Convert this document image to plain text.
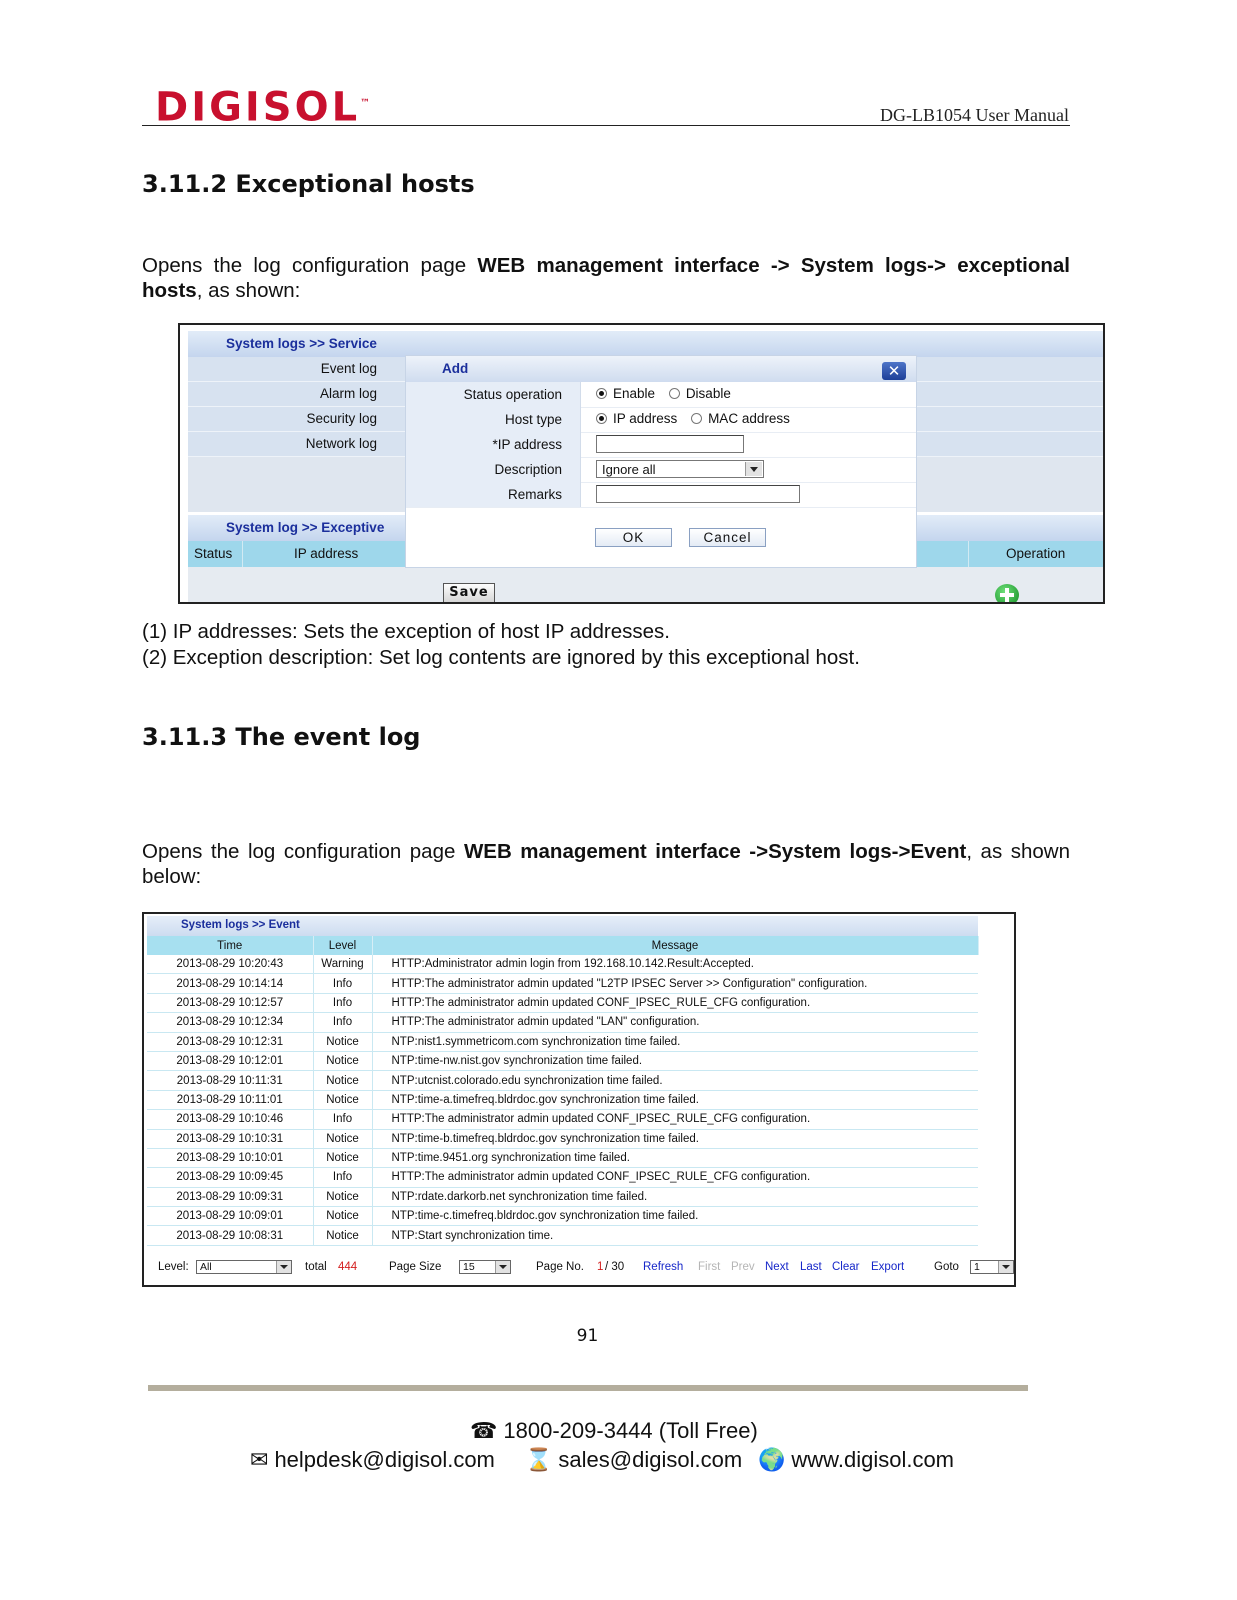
DIGISOL™
DG-LB1054 User Manual
3.11.2 Exceptional hosts
Opens the log configuration page WEB management interface -> System logs-> exceptional hosts, as shown:
System logs >> Service
Event log
Alarm log
Security log
Network log
System log >> Exceptive
Status	IP address	Operation
Save
Add	✕
Status operation	Enable Disable
Host type	IP address MAC address
*IP address
Description	Ignore all
Remarks
OK	Cancel
(1) IP addresses: Sets the exception of host IP addresses.
(2) Exception description: Set log contents are ignored by this exceptional host.
3.11.3 The event log
Opens the log configuration page WEB management interface ->System logs->Event, as shown below:
System logs >> Event
Time	Level	Message
2013-08-29 10:20:43	Warning	HTTP:Administrator admin login from 192.168.10.142.Result:Accepted.
2013-08-29 10:14:14	Info	HTTP:The administrator admin updated "L2TP IPSEC Server >> Configuration" configuration.
2013-08-29 10:12:57	Info	HTTP:The administrator admin updated CONF_IPSEC_RULE_CFG configuration.
2013-08-29 10:12:34	Info	HTTP:The administrator admin updated "LAN" configuration.
2013-08-29 10:12:31	Notice	NTP:nist1.symmetricom.com synchronization time failed.
2013-08-29 10:12:01	Notice	NTP:time-nw.nist.gov synchronization time failed.
2013-08-29 10:11:31	Notice	NTP:utcnist.colorado.edu synchronization time failed.
2013-08-29 10:11:01	Notice	NTP:time-a.timefreq.bldrdoc.gov synchronization time failed.
2013-08-29 10:10:46	Info	HTTP:The administrator admin updated CONF_IPSEC_RULE_CFG configuration.
2013-08-29 10:10:31	Notice	NTP:time-b.timefreq.bldrdoc.gov synchronization time failed.
2013-08-29 10:10:01	Notice	NTP:time.9451.org synchronization time failed.
2013-08-29 10:09:45	Info	HTTP:The administrator admin updated CONF_IPSEC_RULE_CFG configuration.
2013-08-29 10:09:31	Notice	NTP:rdate.darkorb.net synchronization time failed.
2013-08-29 10:09:01	Notice	NTP:time-c.timefreq.bldrdoc.gov synchronization time failed.
2013-08-29 10:08:31	Notice	NTP:Start synchronization time.
Level: All	total 444	Page Size 15	Page No. 1 / 30 Refresh First Prev Next Last Clear Export	Goto 1
91
☎ 1800-209-3444 (Toll Free)
✉ helpdesk@digisol.com ⌛ sales@digisol.com 🌍 www.digisol.com
